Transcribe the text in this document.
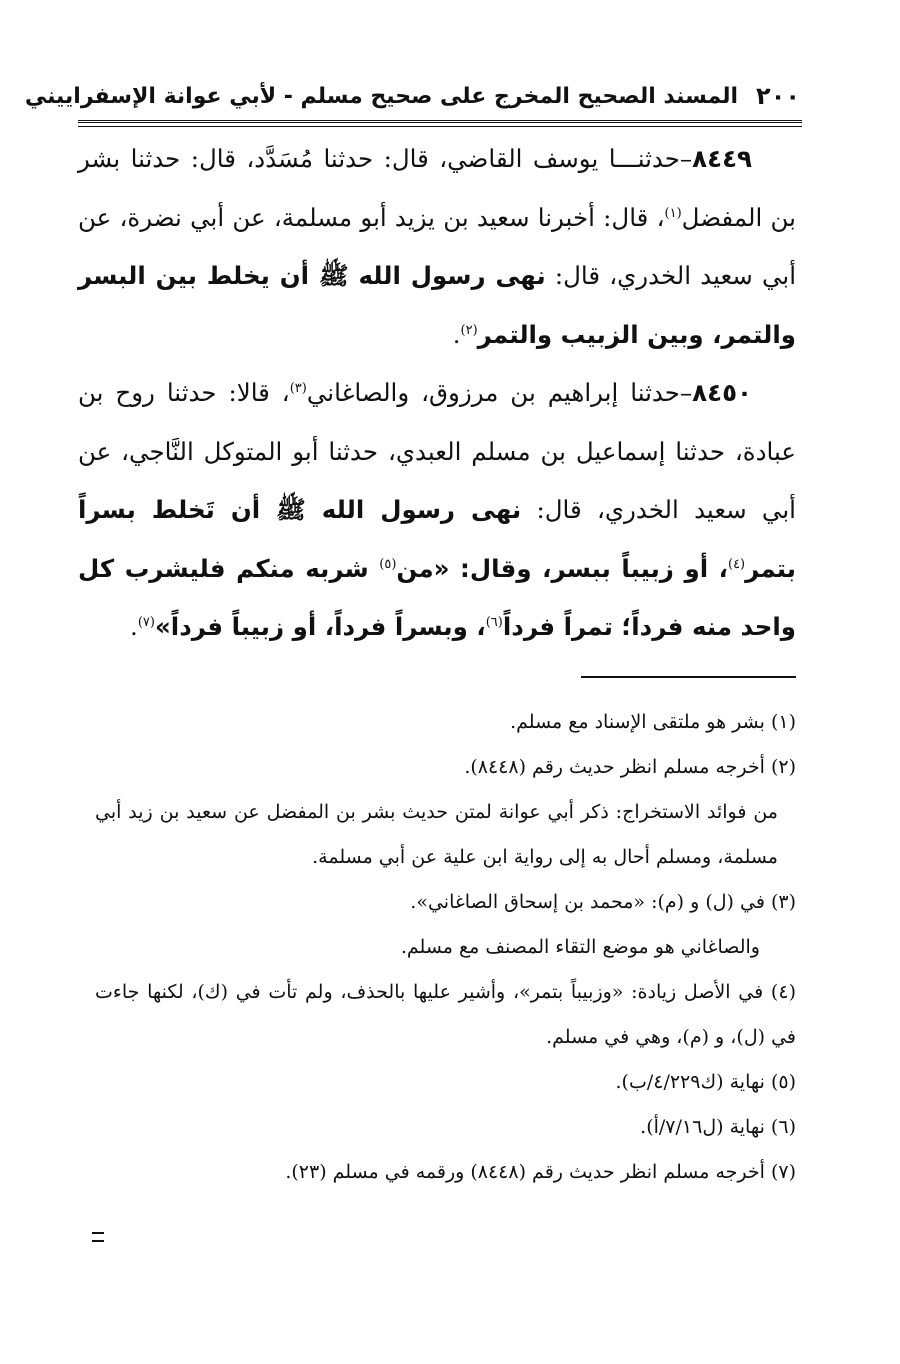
٢٠٠
المسند الصحيح المخرج على صحيح مسلم - لأبي عوانة الإسفراييني

٨٤٤٩–حدثنـــا يوسف القاضي، قال: حدثنا مُسَدَّد، قال: حدثنا بشر بن المفضل$^{(١)}$، قال: أخبرنا سعيد بن يزيد أبو مسلمة، عن أبي نضرة، عن أبي سعيد الخدري، قال: نهى رسول الله ﷺ أن يخلط بين البسر والتمر، وبين الزبيب والتمر$^{(٢)}$.

٨٤٥٠–حدثنا إبراهيم بن مرزوق، والصاغاني$^{(٣)}$، قالا: حدثنا روح بن عبادة، حدثنا إسماعيل بن مسلم العبدي، حدثنا أبو المتوكل النَّاجي، عن أبي سعيد الخدري، قال: نهى رسول الله ﷺ أن تَخلط بسراً بتمر$^{(٤)}$، أو زبيباً ببسر، وقال: «من$^{(٥)}$ شربه منكم فليشرب كل واحد منه فرداً؛ تمراً فرداً$^{(٦)}$، وبسراً فرداً، أو زبيباً فرداً»$^{(٧)}$.

(١) بشر هو ملتقى الإسناد مع مسلم.

(٢) أخرجه مسلم انظر حديث رقم (٨٤٤٨).

من فوائد الاستخراج: ذكر أبي عوانة لمتن حديث بشر بن المفضل عن سعيد بن زيد أبي مسلمة، ومسلم أحال به إلى رواية ابن علية عن أبي مسلمة.

(٣) في (ل) و (م): «محمد بن إسحاق الصاغاني».

والصاغاني هو موضع التقاء المصنف مع مسلم.

(٤) في الأصل زيادة: «وزبيباً بتمر»، وأشير عليها بالحذف، ولم تأت في (ك)، لكنها جاءت في (ل)، و (م)، وهي في مسلم.

(٥) نهاية (ك٤/٢٢٩/ب).

(٦) نهاية (ل٧/١٦/أ).

(٧) أخرجه مسلم انظر حديث رقم (٨٤٤٨) ورقمه في مسلم (٢٣).
